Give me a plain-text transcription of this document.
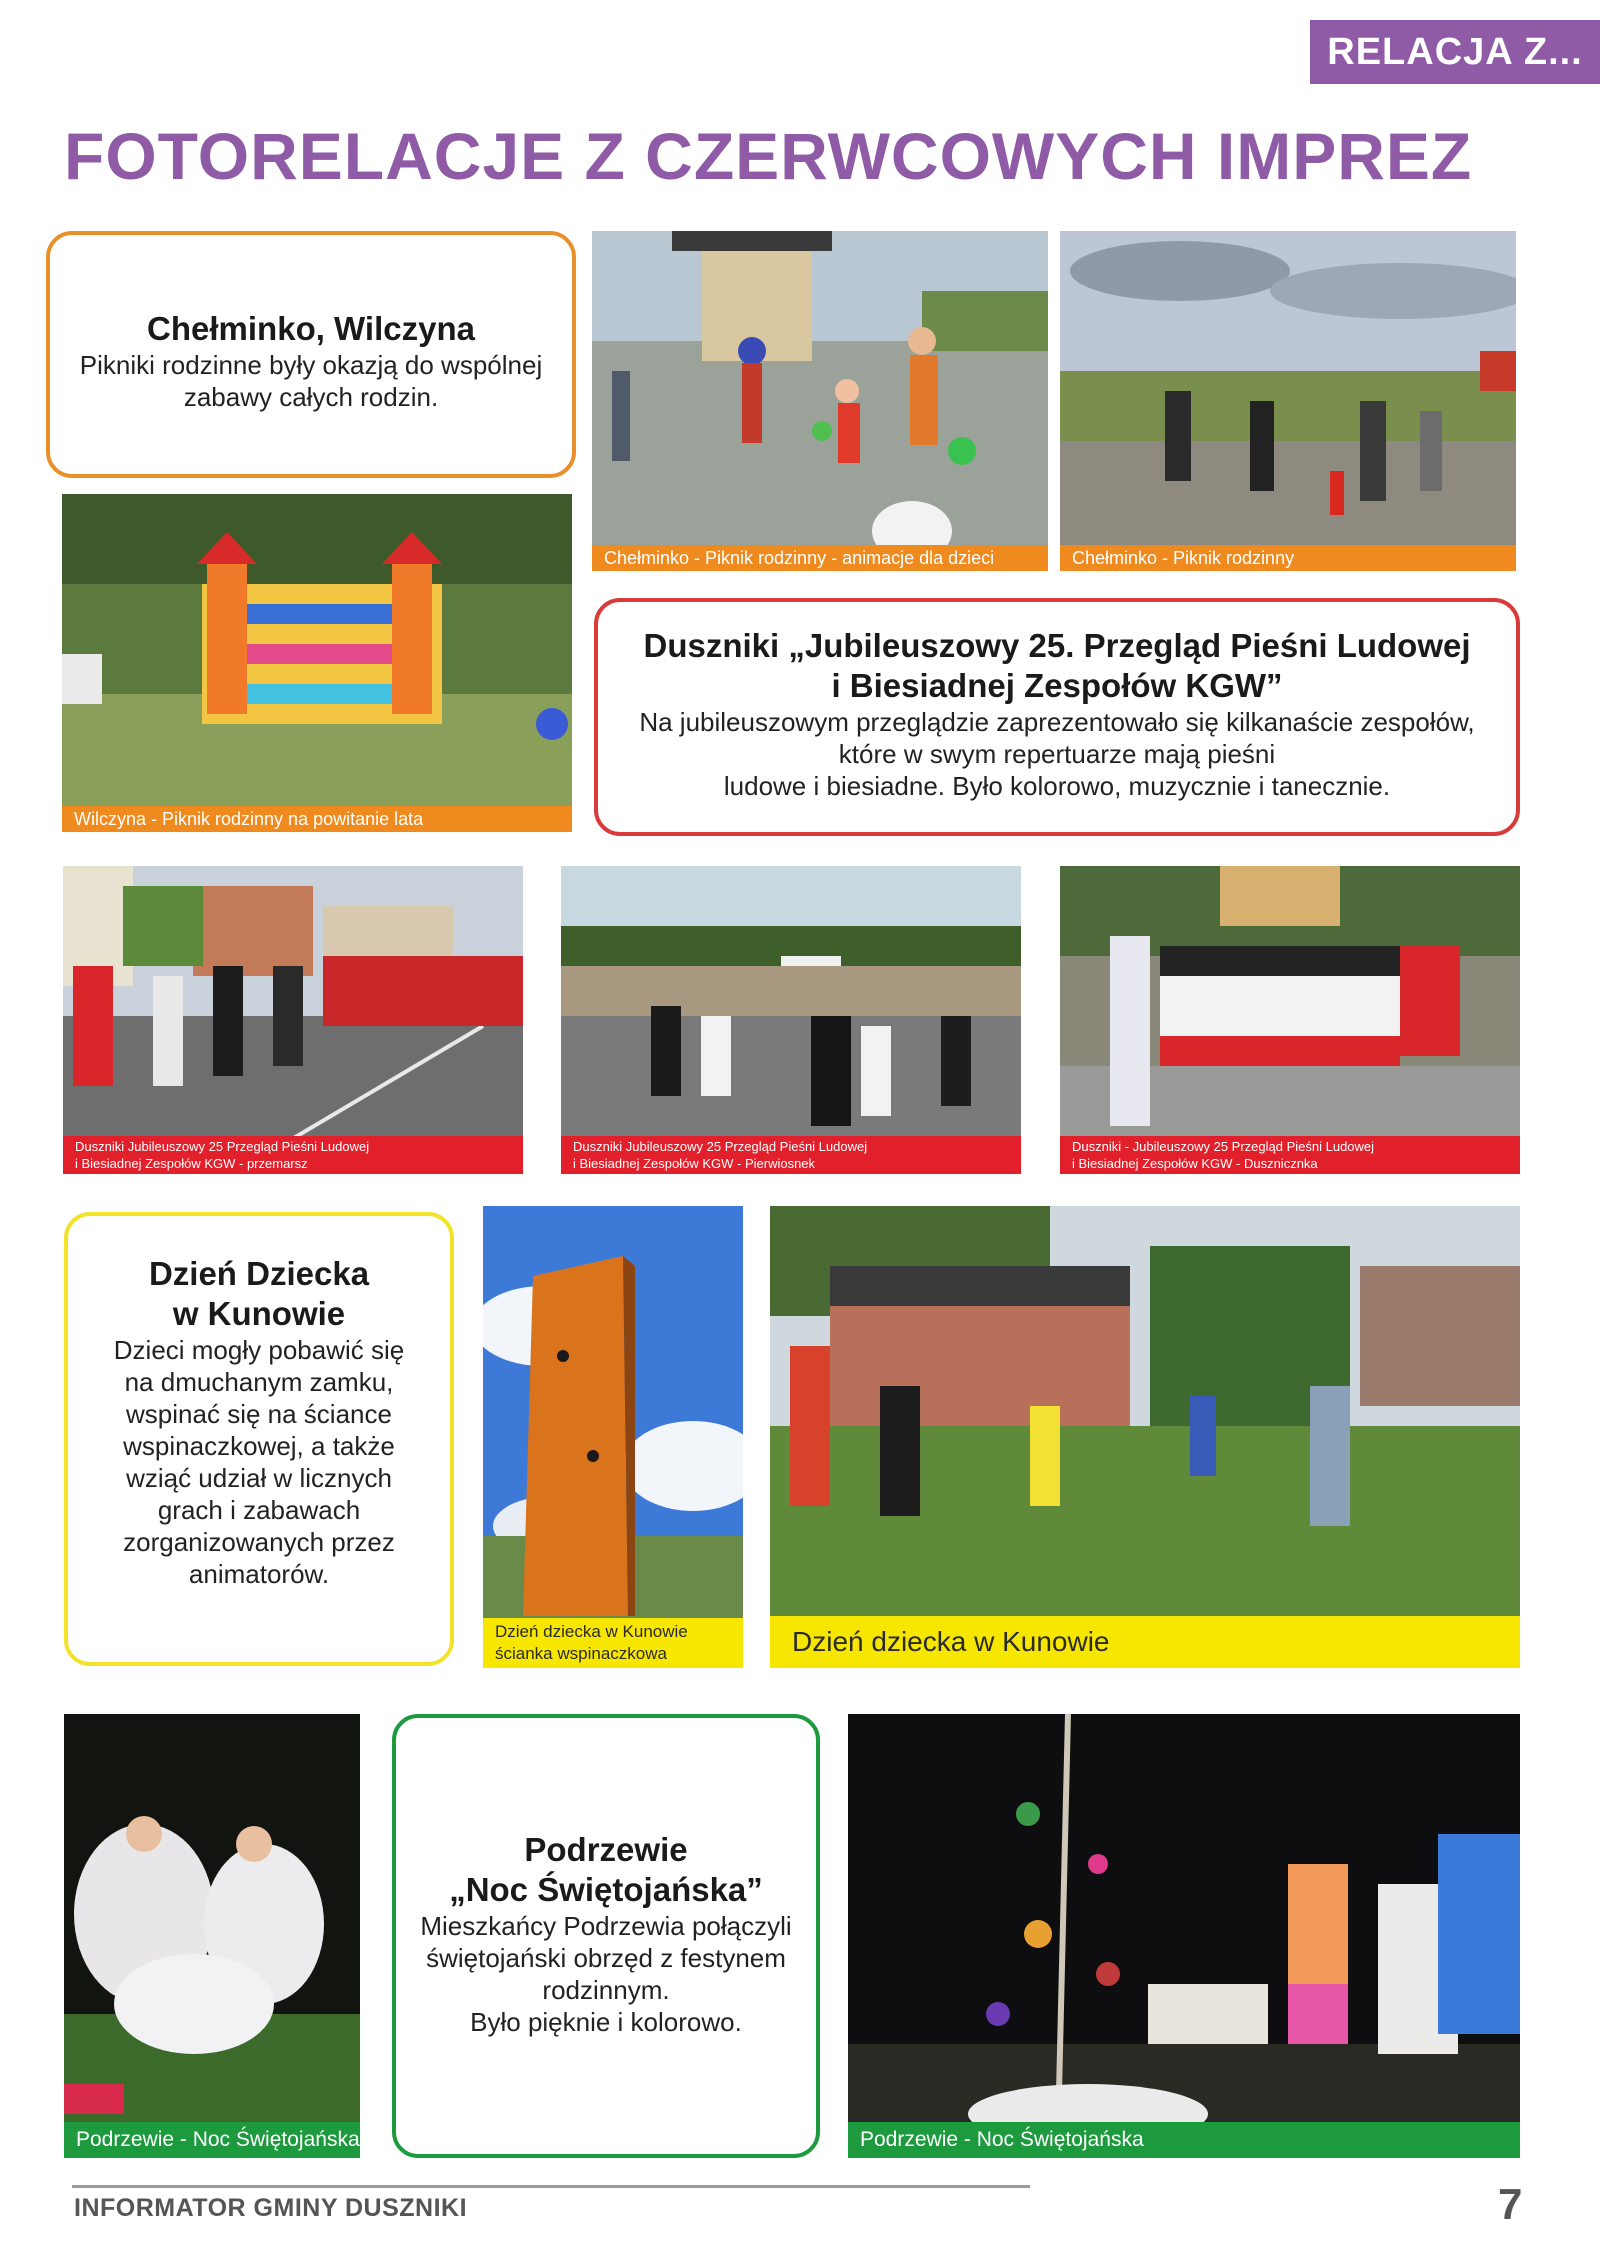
RELACJA Z...
FOTORELACJE Z CZERWCOWYCH IMPREZ
Chełminko, Wilczyna

Pikniki rodzinne były okazją do wspólnej zabawy całych rodzin.

Chełminko - Piknik rodzinny - animacje dla dzieci	Chełminko - Piknik rodzinny
Wilczyna - Piknik rodzinny na powitanie lata
Duszniki „Jubileuszowy 25. Przegląd Pieśni Ludowej
i Biesiadnej Zespołów KGW”

Na jubileuszowym przeglądzie zaprezentowało się kilkanaście zespołów,

które w swym repertuarze mają pieśni

ludowe i biesiadne. Było kolorowo, muzycznie i tanecznie.

Duszniki Jubileuszowy 25 Przegląd Pieśni Ludowej
i Biesiadnej Zespołów KGW - przemarsz
Duszniki Jubileuszowy 25 Przegląd Pieśni Ludowej
i Biesiadnej Zespołów KGW - Pierwiosnek
Duszniki - Jubileuszowy 25 Przegląd Pieśni Ludowej
i Biesiadnej Zespołów KGW - Dusznicznka
Dzień Dziecka
w Kunowie

Dzieci mogły pobawić się na dmuchanym zamku, wspinać się na ściance wspinaczkowej, a także wziąć udział w licznych grach i zabawach zorganizowanych przez animatorów.

Dzień dziecka w Kunowie
ścianka wspinaczkowa	Dzień dziecka w Kunowie
Podrzewie - Noc Świętojańska
Podrzewie
„Noc Świętojańska”

Mieszkańcy Podrzewia połączyli świętojański obrzęd z festynem rodzinnym.

Było pięknie i kolorowo.

Podrzewie - Noc Świętojańska
INFORMATOR GMINY DUSZNIKI	7
